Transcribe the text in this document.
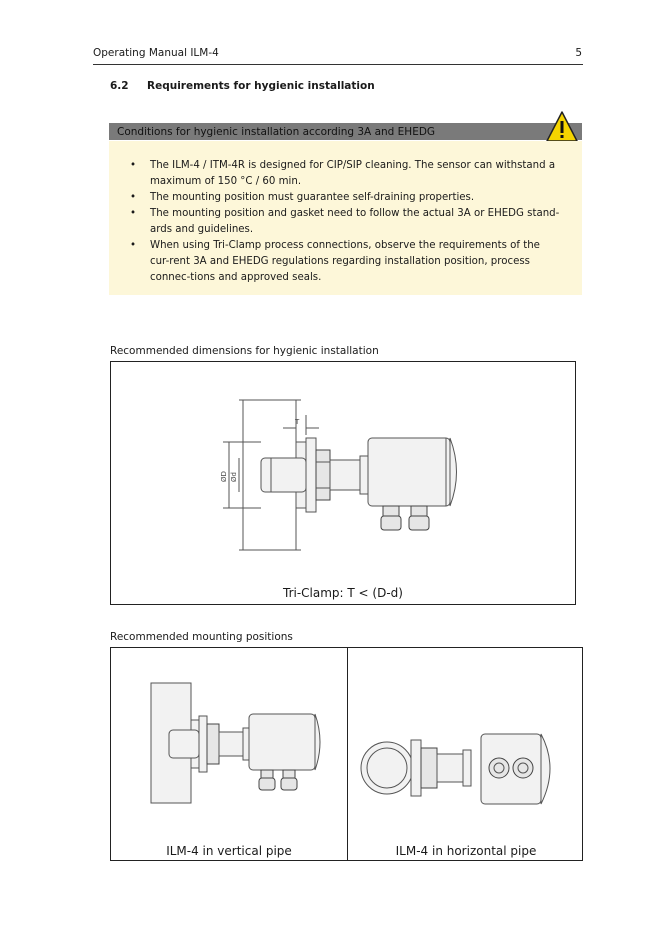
Operating Manual ILM-4	5
6.2 Requirements for hygienic installation
Conditions for hygienic installation according 3A and EHEDG
• The ILM-4 / ITM-4R is designed for CIP/SIP cleaning. The sensor can withstand a maximum of 150 °C / 60 min.
• The mounting position must guarantee self-draining properties.
• The mounting position and gasket need to follow the actual 3A or EHEDG stand-ards and guidelines.
• When using Tri-Clamp process connections, observe the requirements of the cur-rent 3A and EHEDG regulations regarding installation position, process connec-tions and approved seals.
Recommended dimensions for hygienic installation
T
ØD Ød
Tri-Clamp: T < (D-d)
Recommended mounting positions
ILM-4 in vertical pipe	ILM-4 in horizontal pipe
